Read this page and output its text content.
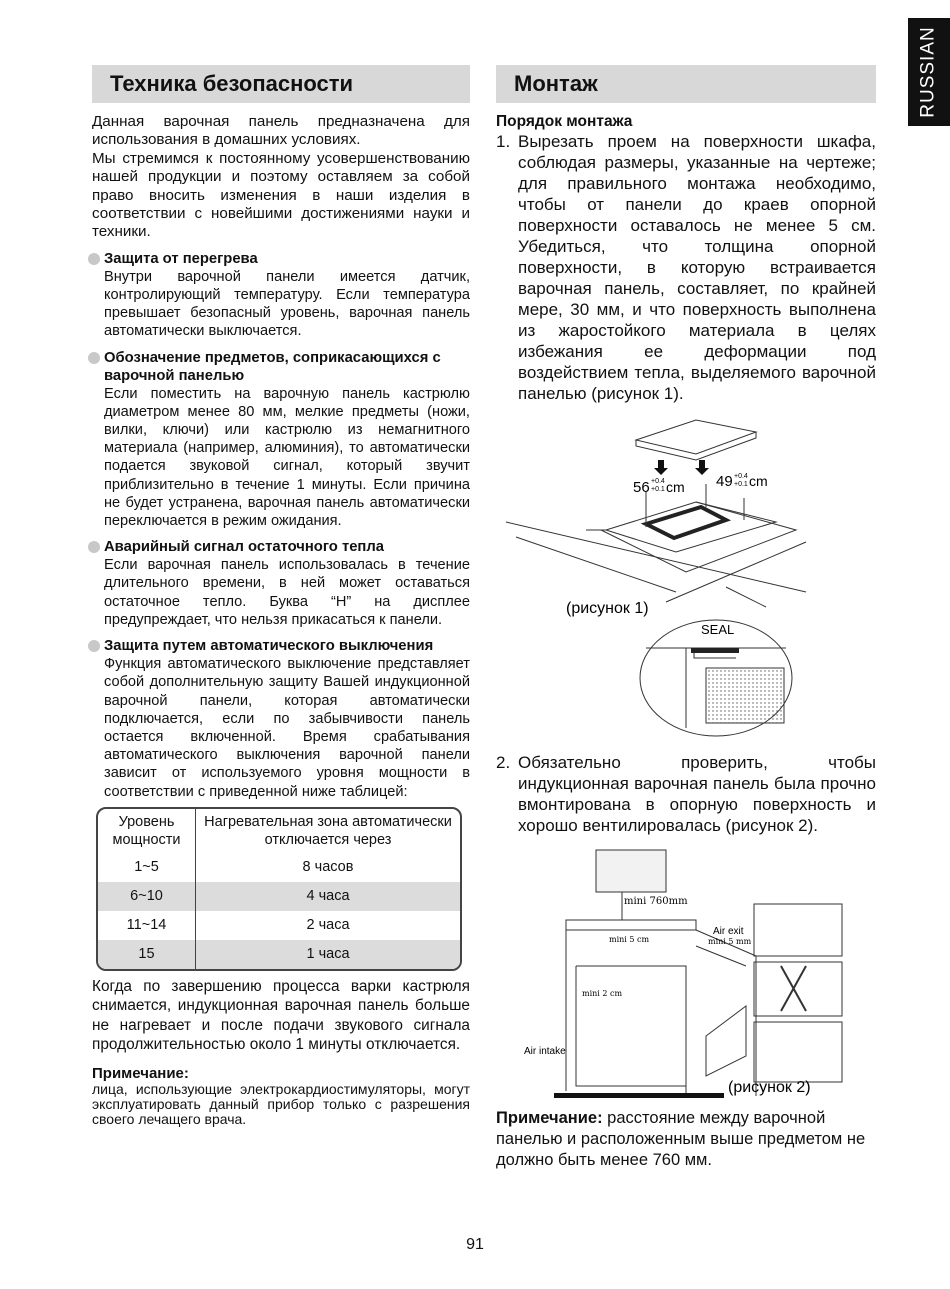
RUSSIAN
Техника безопасности

Данная варочная панель предназначена для использования в домашних условиях.

Мы стремимся к постоянному усовершенствованию нашей продукции и поэтому оставляем за собой право вносить изменения в наши изделия в соответствии с новейшими достижениями науки и техники.

Защита от перегрева

Внутри варочной панели имеется датчик, контролирующий температуру. Если температура превышает безопасный уровень, варочная панель автоматически выключается.

Обозначение предметов, соприкасающихся с варочной панелью

Если поместить на варочную панель кастрюлю диаметром менее 80 мм, мелкие предметы (ножи, вилки, ключи) или кастрюлю из немагнитного материала (например, алюминия), то автоматически подается звуковой сигнал, который звучит приблизительно в течение 1 минуты. Если причина не будет устранена, варочная панель автоматически переключается в режим ожидания.

Аварийный сигнал остаточного тепла

Если варочная панель использовалась в течение длительного времени, в ней может оставаться остаточное тепло. Буква “H” на дисплее предупреждает, что нельзя прикасаться к панели.

Защита путем автоматического выключения

Функция автоматического выключение представляет собой дополнительную защиту Вашей индукционной варочной панели, которая автоматически подключается, если по забывчивости панель остается включенной. Время срабатывания автоматического выключения варочной панели зависит от используемого уровня мощности в соответствии с приведенной ниже таблицей:

Уровень мощности	Нагревательная зона автоматически отключается через
1~5	8 часов
6~10	4 часа
11~14	2 часа
15	1 часа

Когда по завершению процесса варки кастрюля снимается, индукционная варочная панель больше не нагревает и после подачи звукового сигнала продолжительностью около 1 минуты отключается.

Примечание:
лица, использующие электрокардиостимуляторы, могут эксплуатировать данный прибор только с разрешения своего лечащего врача.
Монтаж
Порядок монтажа
1. Вырезать проем на поверхности шкафа, соблюдая размеры, указанные на чертеже; для правильного монтажа необходимо, чтобы от панели до краев опорной поверхности оставалось не менее 5 см. Убедиться, что толщина опорной поверхности, в которую встраивается варочная панель, составляет, по крайней мере, 30 мм, и что поверхность выполнена из жаростойкого материала в целях избежания ее деформации под воздействием тепла, выделяемого варочной панелью (рисунок 1).
56 +0.4
+0.1 cm 49 +0.4
+0.1 cm
(рисунок 1)
SEAL
2. Обязательно проверить, чтобы индукционная варочная панель была прочно вмонтирована в опорную поверхность и хорошо вентилировалась (рисунок 2).
mini 760mm
mini 5 cm
mini 2 cm
Air exit
mini 5 mm
Air intake
(рисунок 2)
Примечание: расстояние между варочной панелью и расположенным выше предметом не должно быть менее 760 мм.
91
